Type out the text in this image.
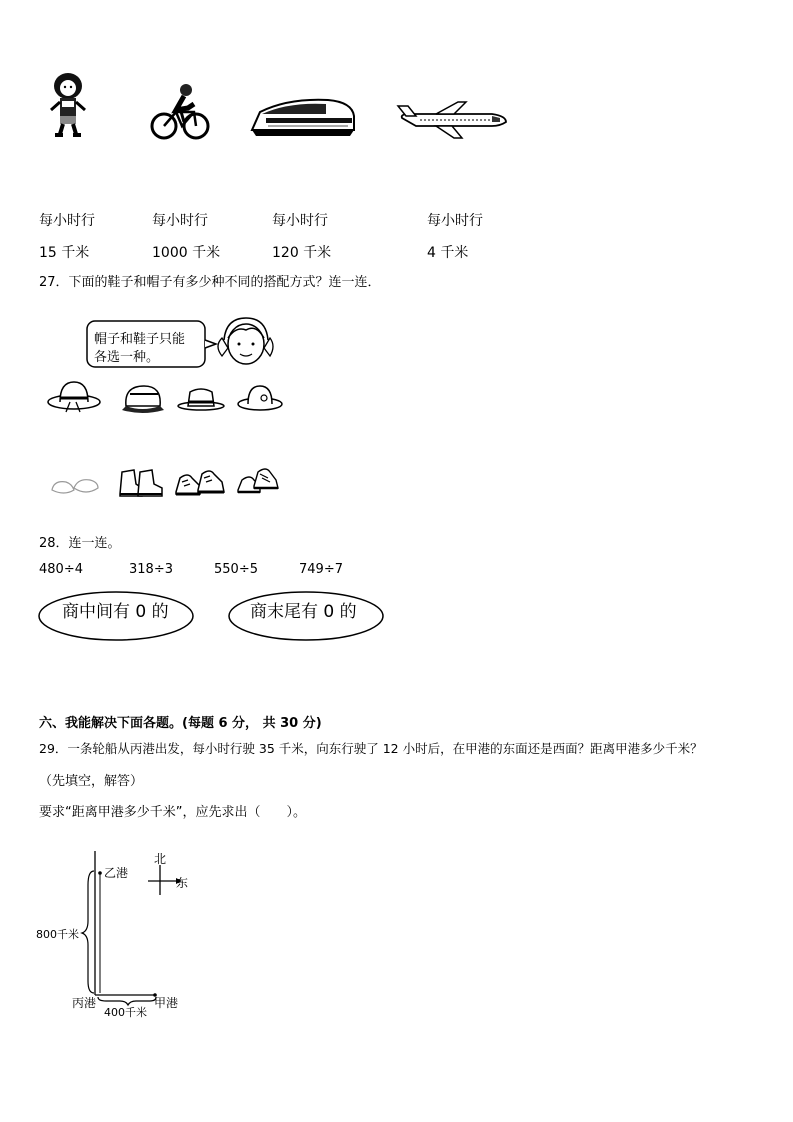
每小时行	每小时行	每小时行	每小时行
15 千米	1000 千米	120 千米	4 千米
27．下面的鞋子和帽子有多少种不同的搭配方式？连一连．
帽子和鞋子只能
各选一种。
28．连一连。
480÷4	318÷3	550÷5	749÷7
商中间有 0 的	商末尾有 0 的
六、我能解决下面各题。(每题 6 分， 共 30 分)
29．一条轮船从丙港出发，每小时行驶 35 千米，向东行驶了 12 小时后，在甲港的东面还是西面？距离甲港多少千米？
（先填空，解答）
要求“距离甲港多少千米”，应先求出（　　）。
北
东
乙港
丙港	甲港
800千米
400千米
